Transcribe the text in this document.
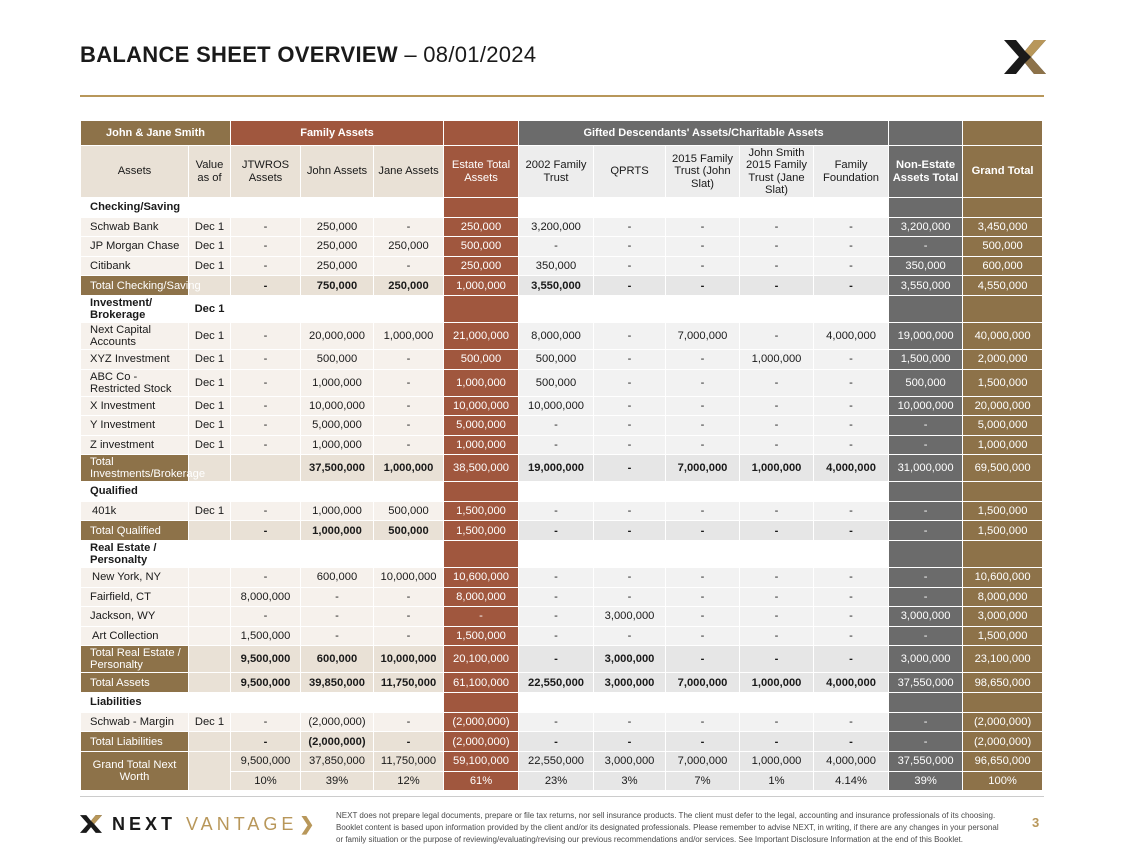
BALANCE SHEET OVERVIEW – 08/01/2024
John & Jane Smith		Family Assets				Gifted Descendants' Assets/Charitable Assets						
Assets	Value as of	JTWROS Assets	John Assets	Jane Assets	Estate Total Assets	2002 Family Trust	QPRTS	2015 Family Trust (John Slat)	John Smith 2015 Family Trust (Jane Slat)	Family Foundation	Non-Estate Assets Total	Grand Total
Checking/Saving												
Schwab Bank	Dec 1	-	250,000	-	250,000	3,200,000	-	-	-	-	3,200,000	3,450,000
JP Morgan Chase	Dec 1	-	250,000	250,000	500,000	-	-	-	-	-	-	500,000
Citibank	Dec 1	-	250,000	-	250,000	350,000	-	-	-	-	350,000	600,000
Total Checking/Saving		-	750,000	250,000	1,000,000	3,550,000	-	-	-	-	3,550,000	4,550,000
Investment/ Brokerage	Dec 1											
Next Capital Accounts	Dec 1	-	20,000,000	1,000,000	21,000,000	8,000,000	-	7,000,000	-	4,000,000	19,000,000	40,000,000
XYZ Investment	Dec 1	-	500,000	-	500,000	500,000	-	-	1,000,000	-	1,500,000	2,000,000
ABC Co - Restricted Stock	Dec 1	-	1,000,000	-	1,000,000	500,000	-	-	-	-	500,000	1,500,000
X Investment	Dec 1	-	10,000,000	-	10,000,000	10,000,000	-	-	-	-	10,000,000	20,000,000
Y Investment	Dec 1	-	5,000,000	-	5,000,000	-	-	-	-	-	-	5,000,000
Z investment	Dec 1	-	1,000,000	-	1,000,000	-	-	-	-	-	-	1,000,000
Total Investments/Brokerage			37,500,000	1,000,000	38,500,000	19,000,000	-	7,000,000	1,000,000	4,000,000	31,000,000	69,500,000
Qualified												
401k	Dec 1	-	1,000,000	500,000	1,500,000	-	-	-	-	-	-	1,500,000
Total Qualified		-	1,000,000	500,000	1,500,000	-	-	-	-	-	-	1,500,000
Real Estate / Personalty												
New York, NY		-	600,000	10,000,000	10,600,000	-	-	-	-	-	-	10,600,000
Fairfield, CT		8,000,000	-	-	8,000,000	-	-	-	-	-	-	8,000,000
Jackson, WY		-	-	-	-	-	3,000,000	-	-	-	3,000,000	3,000,000
Art Collection		1,500,000	-	-	1,500,000	-	-	-	-	-	-	1,500,000
Total Real Estate / Personalty		9,500,000	600,000	10,000,000	20,100,000	-	3,000,000	-	-	-	3,000,000	23,100,000
Total Assets		9,500,000	39,850,000	11,750,000	61,100,000	22,550,000	3,000,000	7,000,000	1,000,000	4,000,000	37,550,000	98,650,000
Liabilities												
Schwab - Margin	Dec 1	-	(2,000,000)	-	(2,000,000)	-	-	-	-	-	-	(2,000,000)
Total Liabilities		-	(2,000,000)	-	(2,000,000)	-	-	-	-	-	-	(2,000,000)
Grand Total Next Worth		9,500,000	37,850,000	11,750,000	59,100,000	22,550,000	3,000,000	7,000,000	1,000,000	4,000,000	37,550,000	96,650,000
		10%	39%	12%	61%	23%	3%	7%	1%	4.14%	39%	100%
NEXT VANTAGE ❯	NEXT does not prepare legal documents, prepare or file tax returns, nor sell insurance products. The client must defer to the legal, accounting and insurance professionals of its choosing. Booklet content is based upon information provided by the client and/or its designated professionals. Please remember to advise NEXT, in writing, if there are any changes in your personal or family situation or the purpose of reviewing/evaluating/revising our previous recommendations and/or services. See Important Disclosure Information at the end of this Booklet.
3
